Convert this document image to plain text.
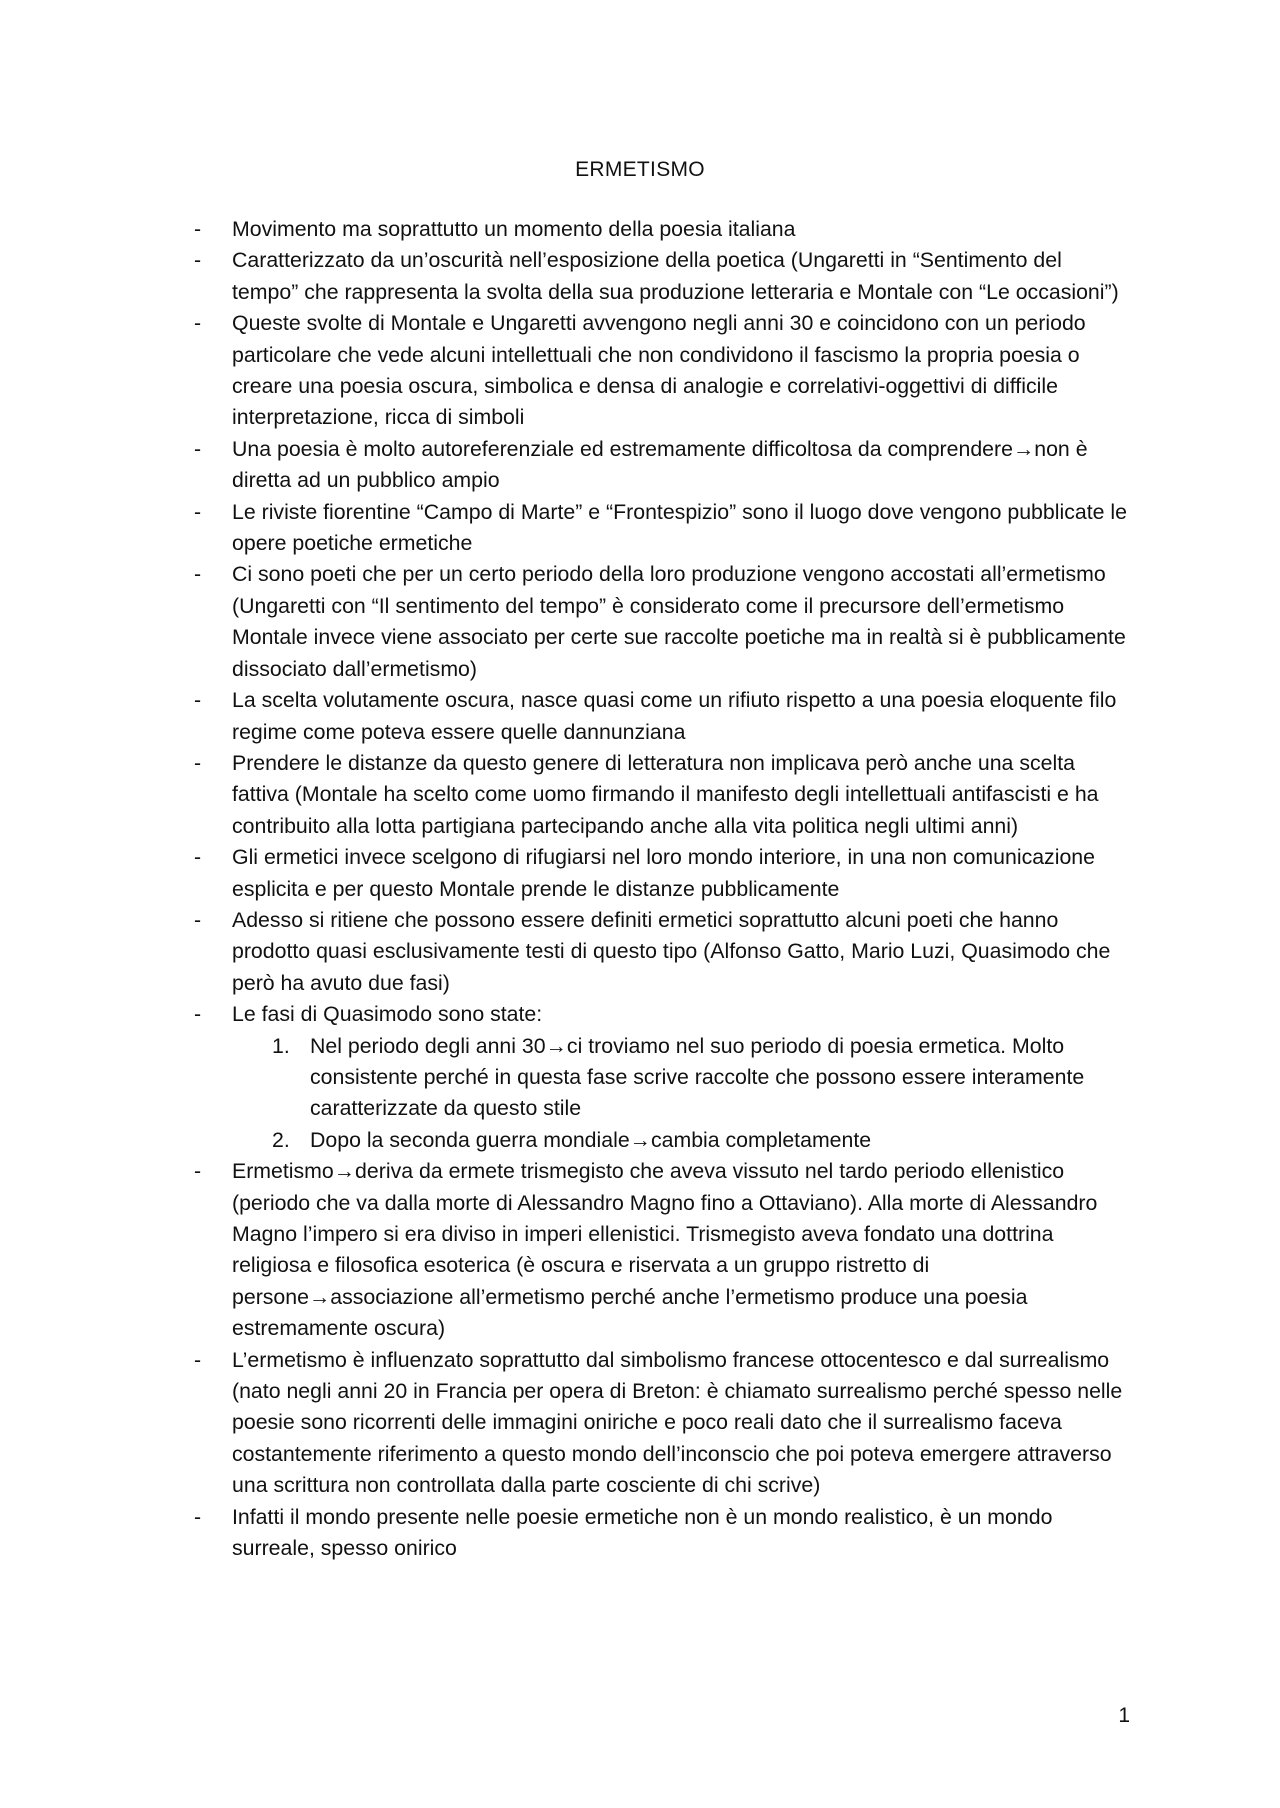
ERMETISMO
- Movimento ma soprattutto un momento della poesia italiana
- Caratterizzato da un’oscurità nell’esposizione della poetica (Ungaretti in “Sentimento del tempo” che rappresenta la svolta della sua produzione letteraria e Montale con “Le occasioni”)
- Queste svolte di Montale e Ungaretti avvengono negli anni 30 e coincidono con un periodo particolare che vede alcuni intellettuali che non condividono il fascismo la propria poesia o creare una poesia oscura, simbolica e densa di analogie e correlativi-oggettivi di difficile interpretazione, ricca di simboli
- Una poesia è molto autoreferenziale ed estremamente difficoltosa da comprendere→non è diretta ad un pubblico ampio
- Le riviste fiorentine “Campo di Marte” e “Frontespizio” sono il luogo dove vengono pubblicate le opere poetiche ermetiche
- Ci sono poeti che per un certo periodo della loro produzione vengono accostati all’ermetismo (Ungaretti con “Il sentimento del tempo” è considerato come il precursore dell’ermetismo Montale invece viene associato per certe sue raccolte poetiche ma in realtà si è pubblicamente dissociato dall’ermetismo)
- La scelta volutamente oscura, nasce quasi come un rifiuto rispetto a una poesia eloquente filo regime come poteva essere quelle dannunziana
- Prendere le distanze da questo genere di letteratura non implicava però anche una scelta fattiva (Montale ha scelto come uomo firmando il manifesto degli intellettuali antifascisti e ha contribuito alla lotta partigiana partecipando anche alla vita politica negli ultimi anni)
- Gli ermetici invece scelgono di rifugiarsi nel loro mondo interiore, in una non comunicazione esplicita e per questo Montale prende le distanze pubblicamente
- Adesso si ritiene che possono essere definiti ermetici soprattutto alcuni poeti che hanno prodotto quasi esclusivamente testi di questo tipo (Alfonso Gatto, Mario Luzi, Quasimodo che però ha avuto due fasi)
- Le fasi di Quasimodo sono state:
1. Nel periodo degli anni 30→ci troviamo nel suo periodo di poesia ermetica. Molto consistente perché in questa fase scrive raccolte che possono essere interamente caratterizzate da questo stile
2. Dopo la seconda guerra mondiale→cambia completamente
- Ermetismo→deriva da ermete trismegisto che aveva vissuto nel tardo periodo ellenistico (periodo che va dalla morte di Alessandro Magno fino a Ottaviano). Alla morte di Alessandro Magno l’impero si era diviso in imperi ellenistici. Trismegisto aveva fondato una dottrina religiosa e filosofica esoterica (è oscura e riservata a un gruppo ristretto di persone→associazione all’ermetismo perché anche l’ermetismo produce una poesia estremamente oscura)
- L’ermetismo è influenzato soprattutto dal simbolismo francese ottocentesco e dal surrealismo (nato negli anni 20 in Francia per opera di Breton: è chiamato surrealismo perché spesso nelle poesie sono ricorrenti delle immagini oniriche e poco reali dato che il surrealismo faceva costantemente riferimento a questo mondo dell’inconscio che poi poteva emergere attraverso una scrittura non controllata dalla parte cosciente di chi scrive)
- Infatti il mondo presente nelle poesie ermetiche non è un mondo realistico, è un mondo surreale, spesso onirico
1
